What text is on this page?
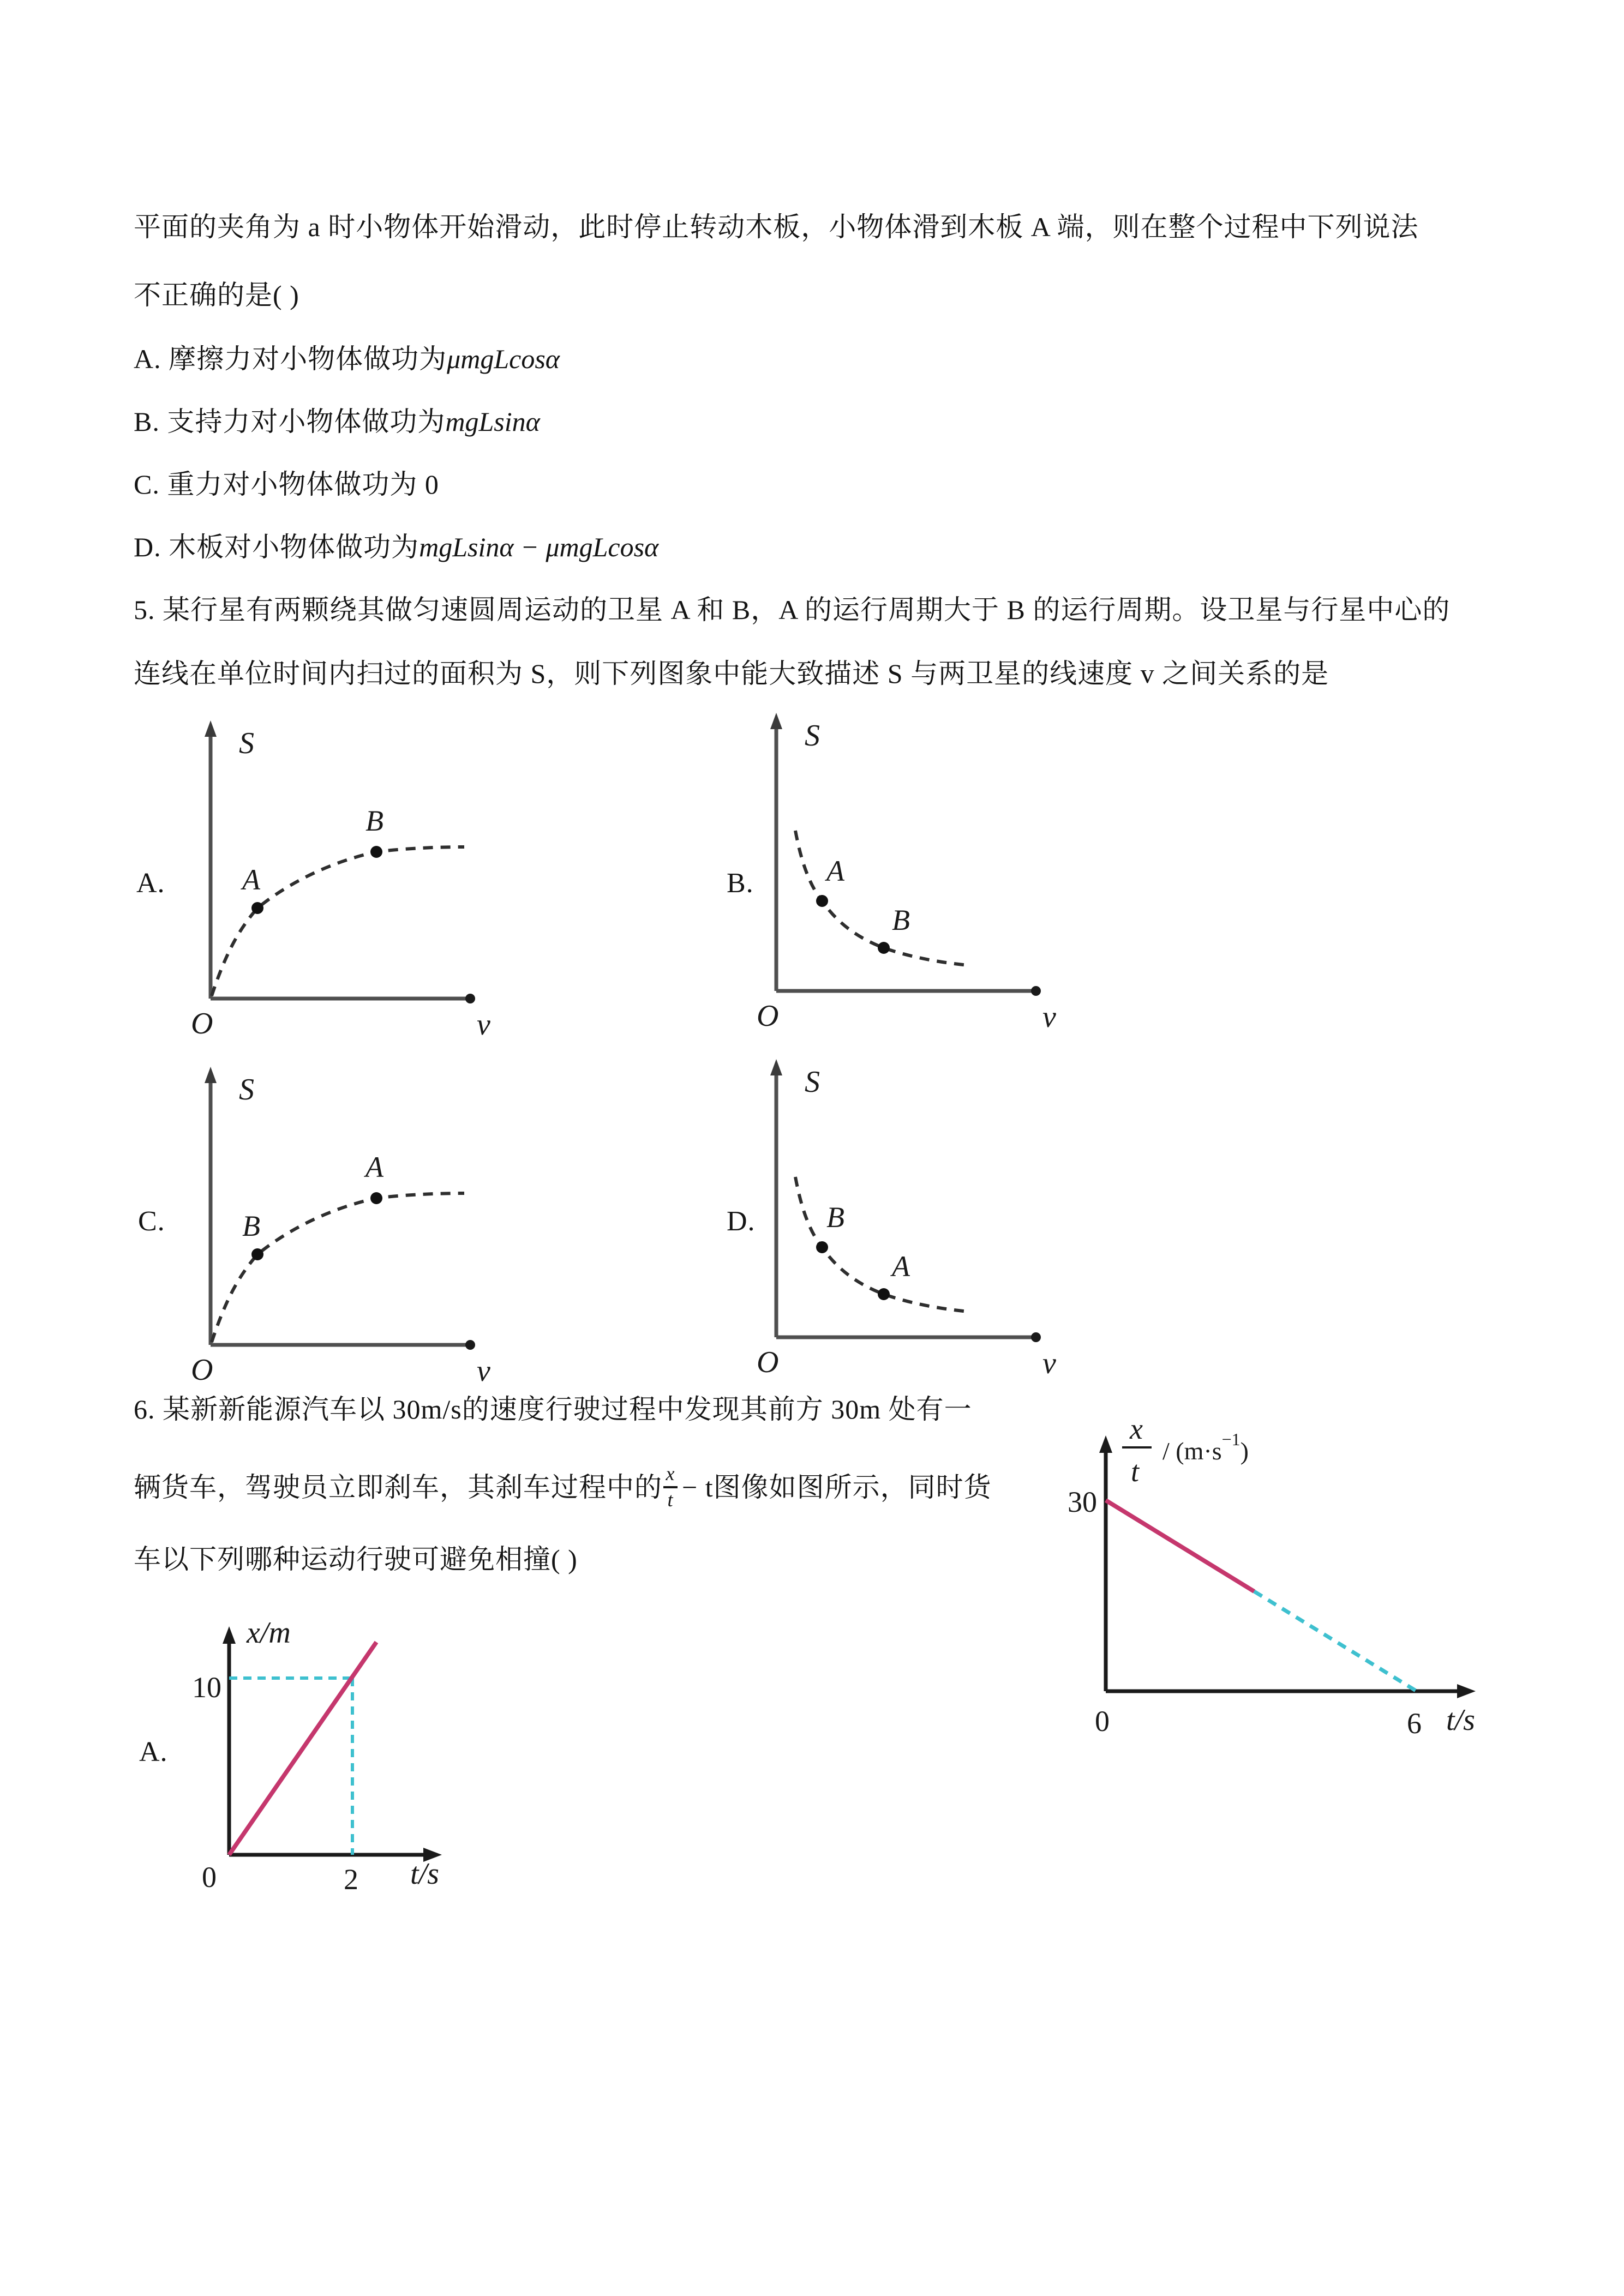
平面的夹角为 a 时小物体开始滑动，此时停止转动木板，小物体滑到木板 A 端，则在整个过程中下列说法
不正确的是( )
A. 摩擦力对小物体做功为 μmgLcosα
B. 支持力对小物体做功为 mgLsinα
C. 重力对小物体做功为 0
D. 木板对小物体做功为 mgLsinα − μmgLcosα
5. 某行星有两颗绕其做匀速圆周运动的卫星 A 和 B，A 的运行周期大于 B 的运行周期。设卫星与行星中心的
连线在单位时间内扫过的面积为 S，则下列图象中能大致描述 S 与两卫星的线速度 v 之间关系的是
A.	B.
C.	D.
A
B
S
O	v
A
B
S
O	v
B
A
S
O	v
B
A
S
O	v
6. 某新新能源汽车以 30m/s的速度行驶过程中发现其前方 30m 处有一
辆货车，驾驶员立即刹车，其刹车过程中的 $\frac{x}{t} - t$图像如图所示，同时货
车以下列哪种运动行驶可避免相撞( )
x
t
/ $(m\cdot s^{-1})$
30
0	6 t/s
A.
x/m
10
0	2 t/s
